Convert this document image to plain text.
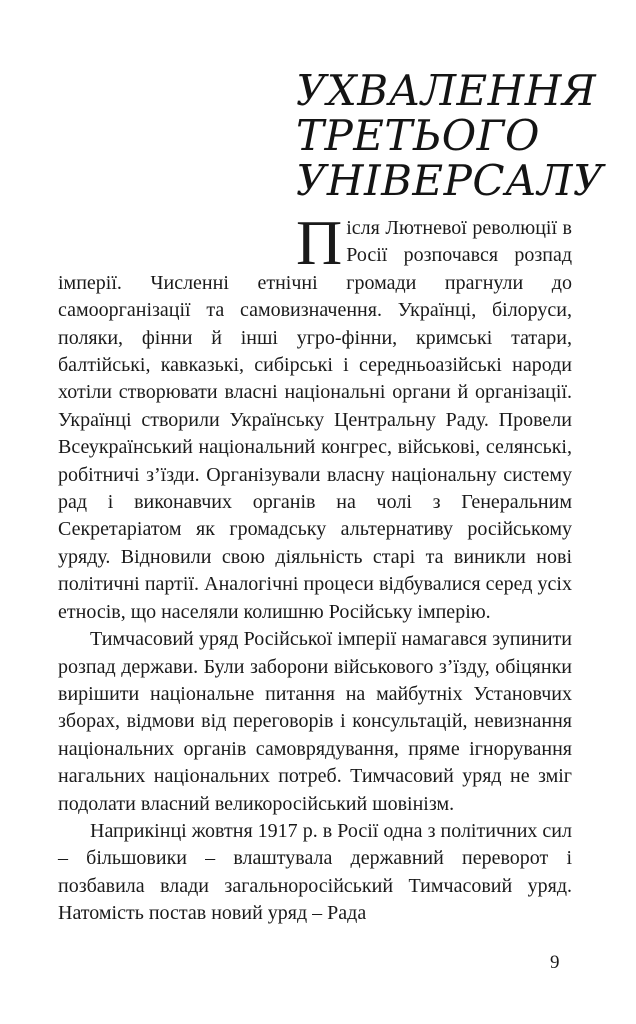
УХВАЛЕННЯ
ТРЕТЬОГО
УНІВЕРСАЛУ

Після Лютневої революції в Росії розпочався розпад імперії. Численні етнічні громади прагнули до самоорганізації та самовизначення. Українці, білоруси, поляки, фінни й інші угро-фінни, кримські татари, балтійські, кавказькі, сибірські і середньоазійські народи хотіли створювати власні національні органи й організації. Українці створили Українську Центральну Раду. Провели Всеукраїнський національний конгрес, військові, селянські, робітничі з’їзди. Організували власну національну систему рад і виконавчих органів на чолі з Генеральним Секретаріатом як громадську альтернативу російському уряду. Відновили свою діяльність старі та виникли нові політичні партії. Аналогічні процеси відбувалися серед усіх етносів, що населяли колишню Російську імперію.

Тимчасовий уряд Російської імперії намагався зупинити розпад держави. Були заборони військового з’їзду, обіцянки вирішити національне питання на майбутніх Установчих зборах, відмови від переговорів і консультацій, невизнання національних органів самоврядування, пряме ігнорування нагальних національних потреб. Тимчасовий уряд не зміг подолати власний великоросійський шовінізм.

Наприкінці жовтня 1917 р. в Росії одна з політичних сил – більшовики – влаштувала державний переворот і позбавила влади загальноросійський Тимчасовий уряд. Натомість постав новий уряд – Рада

9
